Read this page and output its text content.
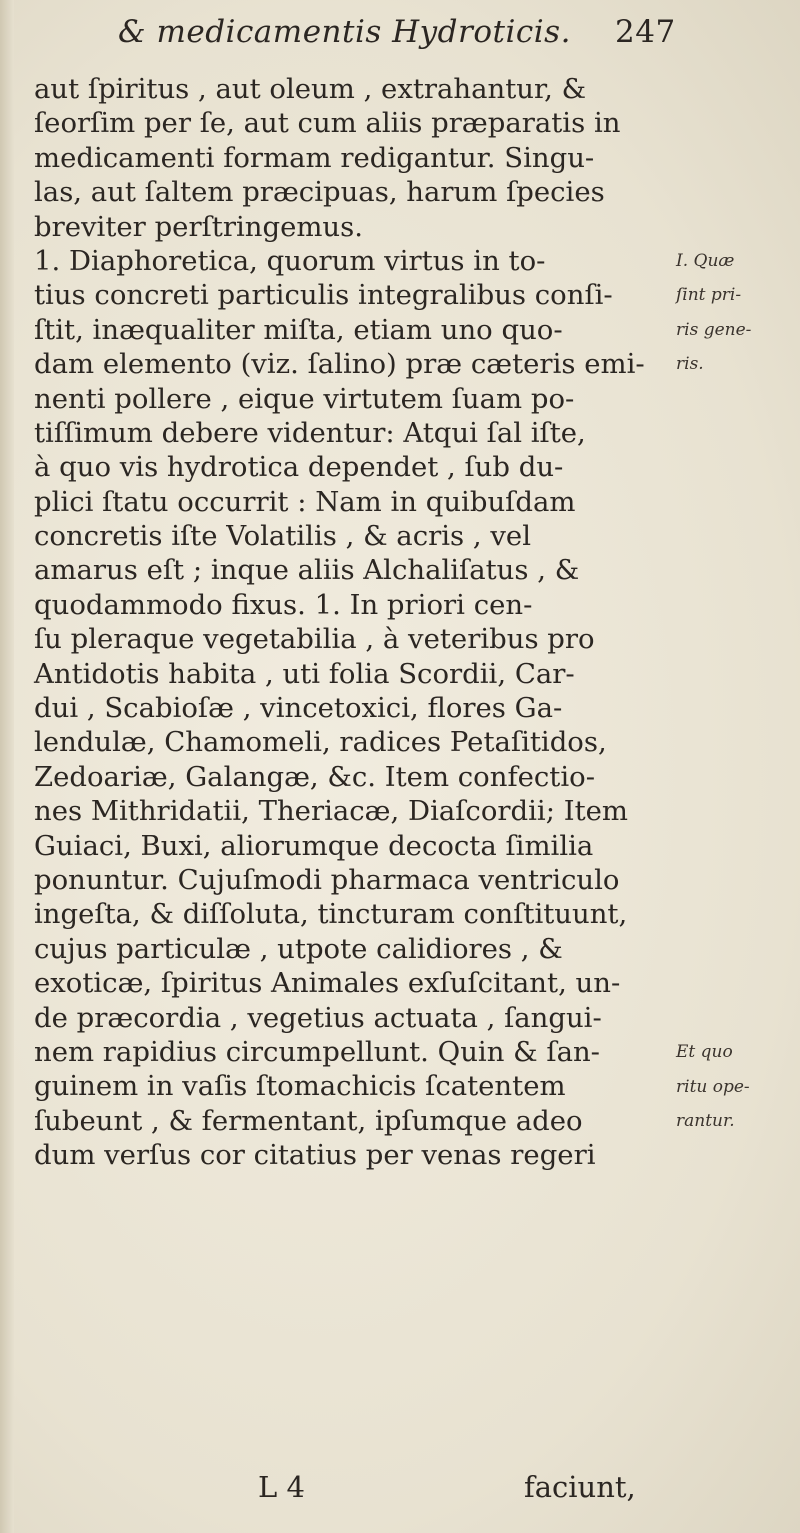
& medicamentis Hydroticis. 247
aut ſpiritus , aut oleum , extrahantur, &
ſeorſim per ſe, aut cum aliis præparatis in
medicamenti formam redigantur. Singu-
las, aut ſaltem præcipuas, harum ſpecies
breviter perſtringemus.
1. Diaphoretica, quorum virtus in to-
tius concreti particulis integralibus conſi-
ſtit, inæqualiter miſta, etiam uno quo-
dam elemento (viz. ſalino) præ cæteris emi-
nenti pollere , eique virtutem ſuam po-
tiſſimum debere videntur: Atqui ſal iſte,
à quo vis hydrotica dependet , ſub du-
plici ſtatu occurrit : Nam in quibuſdam
concretis iſte Volatilis , & acris , vel
amarus eſt ; inque aliis Alchaliſatus , &
quodammodo fixus. 1. In priori cen-
ſu pleraque vegetabilia , à veteribus pro
Antidotis habita , uti folia Scordii, Car-
dui , Scabioſæ , vincetoxici, flores Ga-
lendulæ, Chamomeli, radices Petaſitidos,
Zedoariæ, Galangæ, &c. Item confectio-
nes Mithridatii, Theriacæ, Diaſcordii; Item
Guiaci, Buxi, aliorumque decocta ſimilia
ponuntur. Cujuſmodi pharmaca ventriculo
ingeſta, & diſſoluta, tincturam conſtituunt,
cujus particulæ , utpote calidiores , &
exoticæ, ſpiritus Animales exſuſcitant, un-
de præcordia , vegetius actuata , ſangui-
nem rapidius circumpellunt. Quin & ſan-
guinem in vaſis ſtomachicis ſcatentem
ſubeunt , & fermentant, ipſumque adeo
dum verſus cor citatius per venas regeri
I. Quæ
ſint pri-
ris gene-
ris.
Et quo
ritu ope-
rantur.
L 4	faciunt,
